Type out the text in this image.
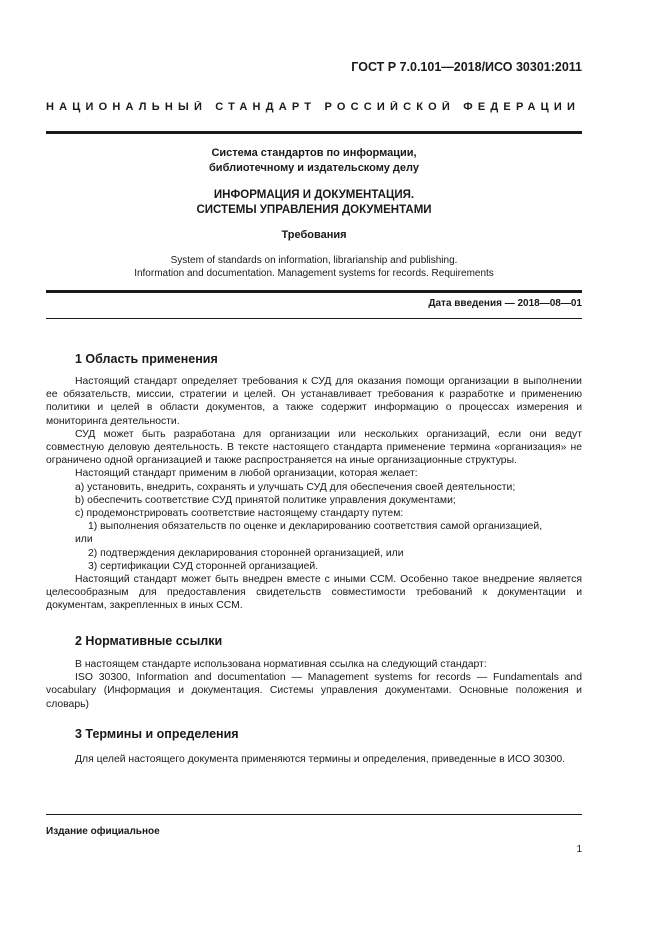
ГОСТ Р 7.0.101—2018/ИСО 30301:2011
НАЦИОНАЛЬНЫЙ СТАНДАРТ РОССИЙСКОЙ ФЕДЕРАЦИИ
Система стандартов по информации,
библиотечному и издательскому делу
ИНФОРМАЦИЯ И ДОКУМЕНТАЦИЯ.
СИСТЕМЫ УПРАВЛЕНИЯ ДОКУМЕНТАМИ
Требования
System of standards on information, librarianship and publishing.
Information and documentation. Management systems for records. Requirements
Дата введения — 2018—08—01
1 Область применения

Настоящий стандарт определяет требования к СУД для оказания помощи организации в выполнении ее обязательств, миссии, стратегии и целей. Он устанавливает требования к разработке и применению политики и целей в области документов, а также содержит информацию о процессах измерения и мониторинга деятельности.

СУД может быть разработана для организации или нескольких организаций, если они ведут совместную деловую деятельность. В тексте настоящего стандарта применение термина «организация» не ограничено одной организацией и также распространяется на иные организационные структуры.

Настоящий стандарт применим в любой организации, которая желает:

a) установить, внедрить, сохранять и улучшать СУД для обеспечения своей деятельности;

b) обеспечить соответствие СУД принятой политике управления документами;

c) продемонстрировать соответствие настоящему стандарту путем:

1) выполнения обязательств по оценке и декларированию соответствия самой организацией,

или

2) подтверждения декларирования сторонней организацией, или

3) сертификации СУД сторонней организацией.

Настоящий стандарт может быть внедрен вместе с иными ССМ. Особенно такое внедрение является целесообразным для предоставления свидетельств совместимости требований к документации и документам, закрепленных в иных ССМ.

2 Нормативные ссылки

В настоящем стандарте использована нормативная ссылка на следующий стандарт:

ISO 30300, Information and documentation — Management systems for records — Fundamentals and vocabulary (Информация и документация. Системы управления документами. Основные положения и словарь)

3 Термины и определения

Для целей настоящего документа применяются термины и определения, приведенные в ИСО 30300.

Издание официальное
1
